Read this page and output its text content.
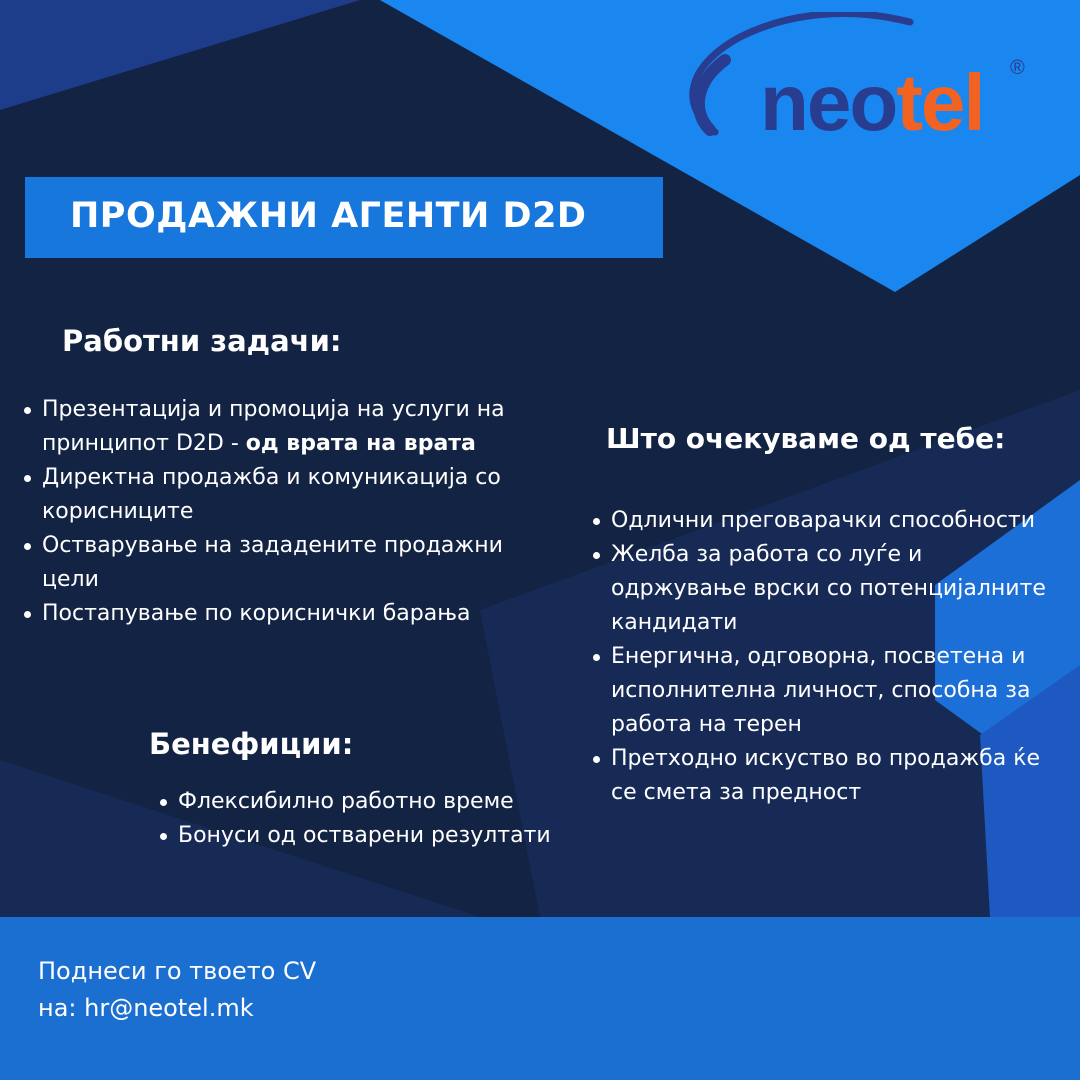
neotel ®
ПРОДАЖНИ АГЕНТИ D2D
Работни задачи:
Презентација и промоција на услуги на принципот D2D - од врата на врата
Директна продажба и комуникација со корисниците
Остварување на зададените продажни цели
Постапување по кориснички барања
Што очекуваме од тебе:
Одлични преговарачки способности
Желба за работа со луѓе и одржување врски со потенцијалните кандидати
Енергична, одговорна, посветена и исполнителна личност, способна за работа на терен
Претходно искуство во продажба ќе се смета за предност
Бенефиции:
Флексибилно работно време
Бонуси од остварени резултати

Поднеси го твоето CV

на: hr@neotel.mk
